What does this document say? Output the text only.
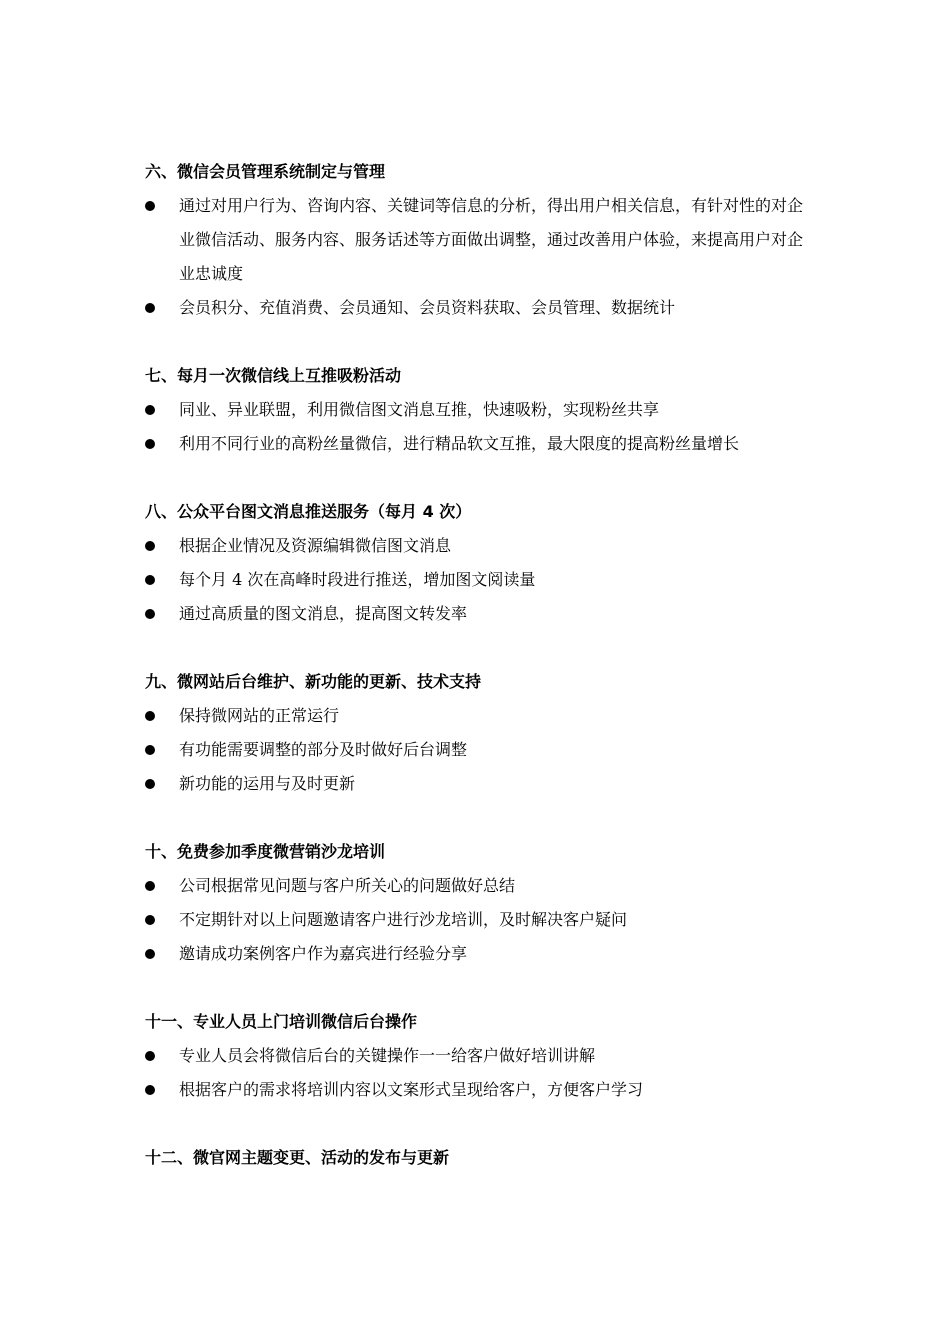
六、微信会员管理系统制定与管理
通过对用户行为、咨询内容、关键词等信息的分析，得出用户相关信息，有针对性的对企业微信活动、服务内容、服务话述等方面做出调整，通过改善用户体验，来提高用户对企业忠诚度
会员积分、充值消费、会员通知、会员资料获取、会员管理、数据统计
七、每月一次微信线上互推吸粉活动
同业、异业联盟，利用微信图文消息互推，快速吸粉，实现粉丝共享
利用不同行业的高粉丝量微信，进行精品软文互推，最大限度的提高粉丝量增长
八、公众平台图文消息推送服务（每月 4 次）
根据企业情况及资源编辑微信图文消息
每个月 4 次在高峰时段进行推送，增加图文阅读量
通过高质量的图文消息，提高图文转发率
九、微网站后台维护、新功能的更新、技术支持
保持微网站的正常运行
有功能需要调整的部分及时做好后台调整
新功能的运用与及时更新
十、免费参加季度微营销沙龙培训
公司根据常见问题与客户所关心的问题做好总结
不定期针对以上问题邀请客户进行沙龙培训，及时解决客户疑问
邀请成功案例客户作为嘉宾进行经验分享
十一、专业人员上门培训微信后台操作
专业人员会将微信后台的关键操作一一给客户做好培训讲解
根据客户的需求将培训内容以文案形式呈现给客户，方便客户学习
十二、微官网主题变更、活动的发布与更新
